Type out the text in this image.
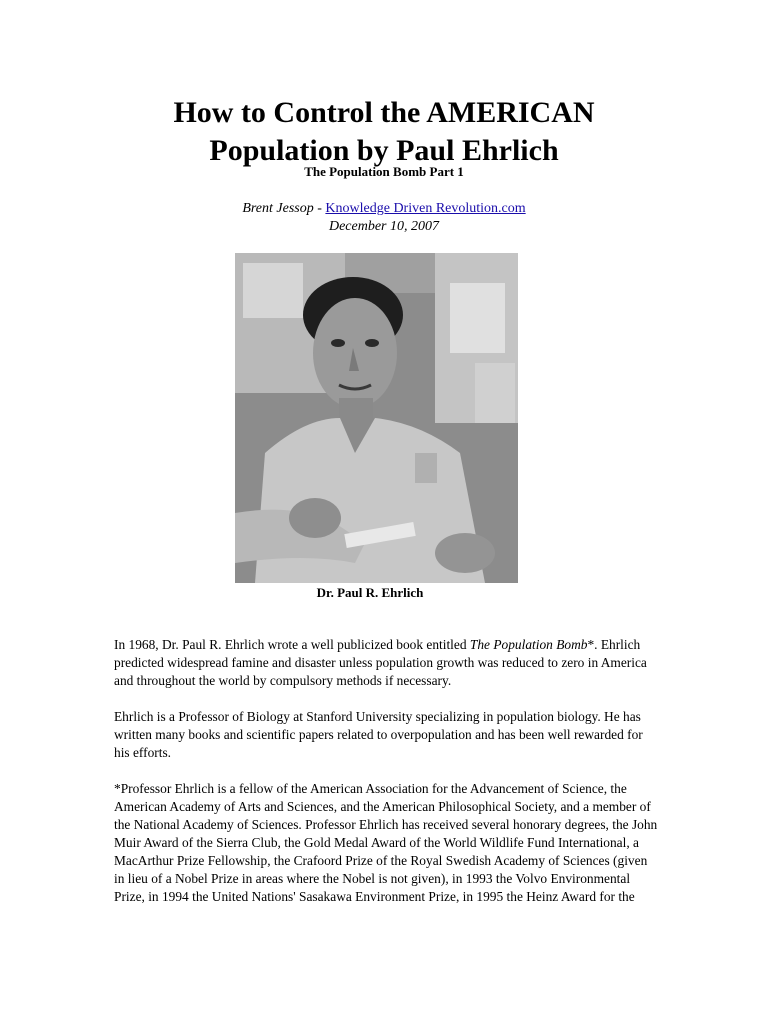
How to Control the AMERICAN
Population by Paul Ehrlich
The Population Bomb Part 1
Brent Jessop - Knowledge Driven Revolution.com
December 10, 2007
Dr. Paul R. Ehrlich

In 1968, Dr. Paul R. Ehrlich wrote a well publicized book entitled The Population Bomb*. Ehrlich predicted widespread famine and disaster unless population growth was reduced to zero in America and throughout the world by compulsory methods if necessary.

Ehrlich is a Professor of Biology at Stanford University specializing in population biology. He has written many books and scientific papers related to overpopulation and has been well rewarded for his efforts.

*Professor Ehrlich is a fellow of the American Association for the Advancement of Science, the American Academy of Arts and Sciences, and the American Philosophical Society, and a member of the National Academy of Sciences. Professor Ehrlich has received several honorary degrees, the John Muir Award of the Sierra Club, the Gold Medal Award of the World Wildlife Fund International, a MacArthur Prize Fellowship, the Crafoord Prize of the Royal Swedish Academy of Sciences (given in lieu of a Nobel Prize in areas where the Nobel is not given), in 1993 the Volvo Environmental Prize, in 1994 the United Nations' Sasakawa Environment Prize, in 1995 the Heinz Award for the
